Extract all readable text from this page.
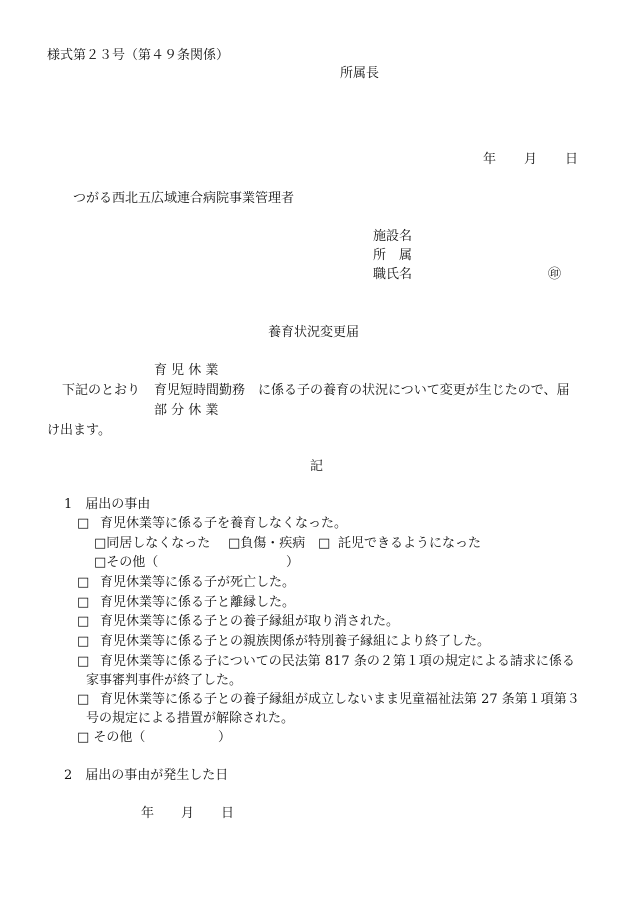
様式第２３号（第４９条関係）
所属長
年 月 日
つがる西北五広域連合病院事業管理者
施設名
所　属
職氏名	㊞
養育状況変更届
育 児 休 業
下記のとおり 育児短時間勤務 に係る子の養育の状況について変更が生じたので、届
部 分 休 業
け出ます。
記
1　届出の事由
□ 育児休業等に係る子を養育しなくなった。
□同居しなくなった □負傷・疾病 □ 託児できるようになった
□その他（	）
□ 育児休業等に係る子が死亡した。
□ 育児休業等に係る子と離縁した。
□ 育児休業等に係る子との養子縁組が取り消された。
□ 育児休業等に係る子との親族関係が特別養子縁組により終了した。
□ 育児休業等に係る子についての民法第 817 条の２第１項の規定による請求に係る
家事審判事件が終了した。
□ 育児休業等に係る子との養子縁組が成立しないまま児童福祉法第 27 条第１項第３
号の規定による措置が解除された。
□ その他（	）
2　届出の事由が発生した日
年 月 日
